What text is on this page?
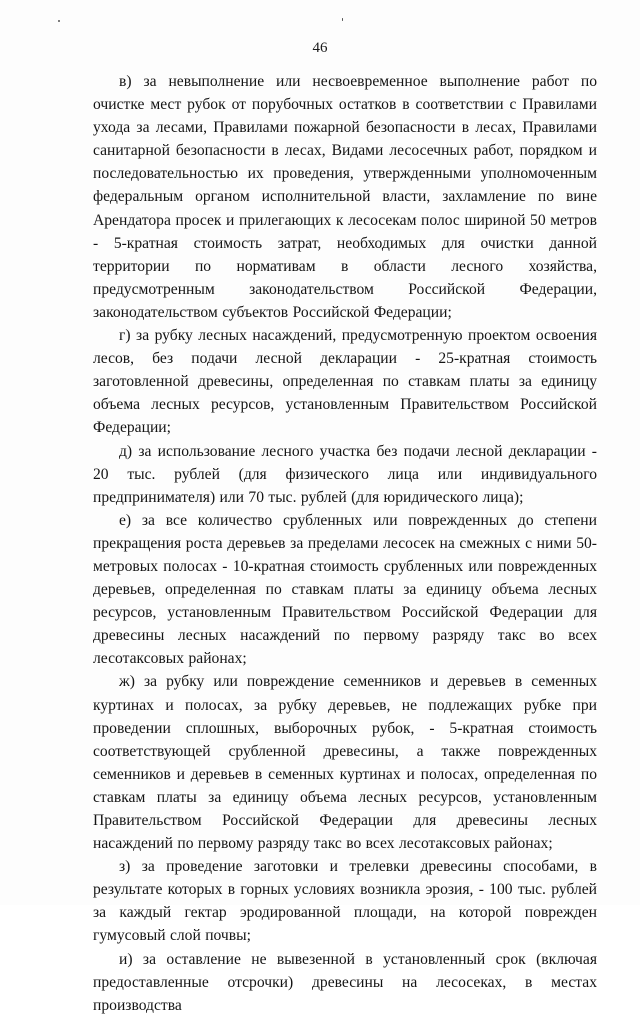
46

в) за невыполнение или несвоевременное выполнение работ по очистке мест рубок от порубочных остатков в соответствии с Правилами ухода за лесами, Правилами пожарной безопасности в лесах, Правилами санитарной безопасности в лесах, Видами лесосечных работ, порядком и последовательностью их проведения, утвержденными уполномоченным федеральным органом исполнительной власти, захламление по вине Арендатора просек и прилегающих к лесосекам полос шириной 50 метров - 5-кратная стоимость затрат, необходимых для очистки данной территории по нормативам в области лесного хозяйства, предусмотренным законодательством Российской Федерации, законодательством субъектов Российской Федерации;

г) за рубку лесных насаждений, предусмотренную проектом освоения лесов, без подачи лесной декларации - 25-кратная стоимость заготовленной древесины, определенная по ставкам платы за единицу объема лесных ресурсов, установленным Правительством Российской Федерации;

д) за использование лесного участка без подачи лесной декларации - 20 тыс. рублей (для физического лица или индивидуального предпринимателя) или 70 тыс. рублей (для юридического лица);

е) за все количество срубленных или поврежденных до степени прекращения роста деревьев за пределами лесосек на смежных с ними 50-метровых полосах - 10-кратная стоимость срубленных или поврежденных деревьев, определенная по ставкам платы за единицу объема лесных ресурсов, установленным Правительством Российской Федерации для древесины лесных насаждений по первому разряду такс во всех лесотаксовых районах;

ж) за рубку или повреждение семенников и деревьев в семенных куртинах и полосах, за рубку деревьев, не подлежащих рубке при проведении сплошных, выборочных рубок, - 5-кратная стоимость соответствующей срубленной древесины, а также поврежденных семенников и деревьев в семенных куртинах и полосах, определенная по ставкам платы за единицу объема лесных ресурсов, установленным Правительством Российской Федерации для древесины лесных насаждений по первому разряду такс во всех лесотаксовых районах;

з) за проведение заготовки и трелевки древесины способами, в результате которых в горных условиях возникла эрозия, - 100 тыс. рублей за каждый гектар эродированной площади, на которой поврежден гумусовый слой почвы;

и) за оставление не вывезенной в установленный срок (включая предоставленные отсрочки) древесины на лесосеках, в местах производства
